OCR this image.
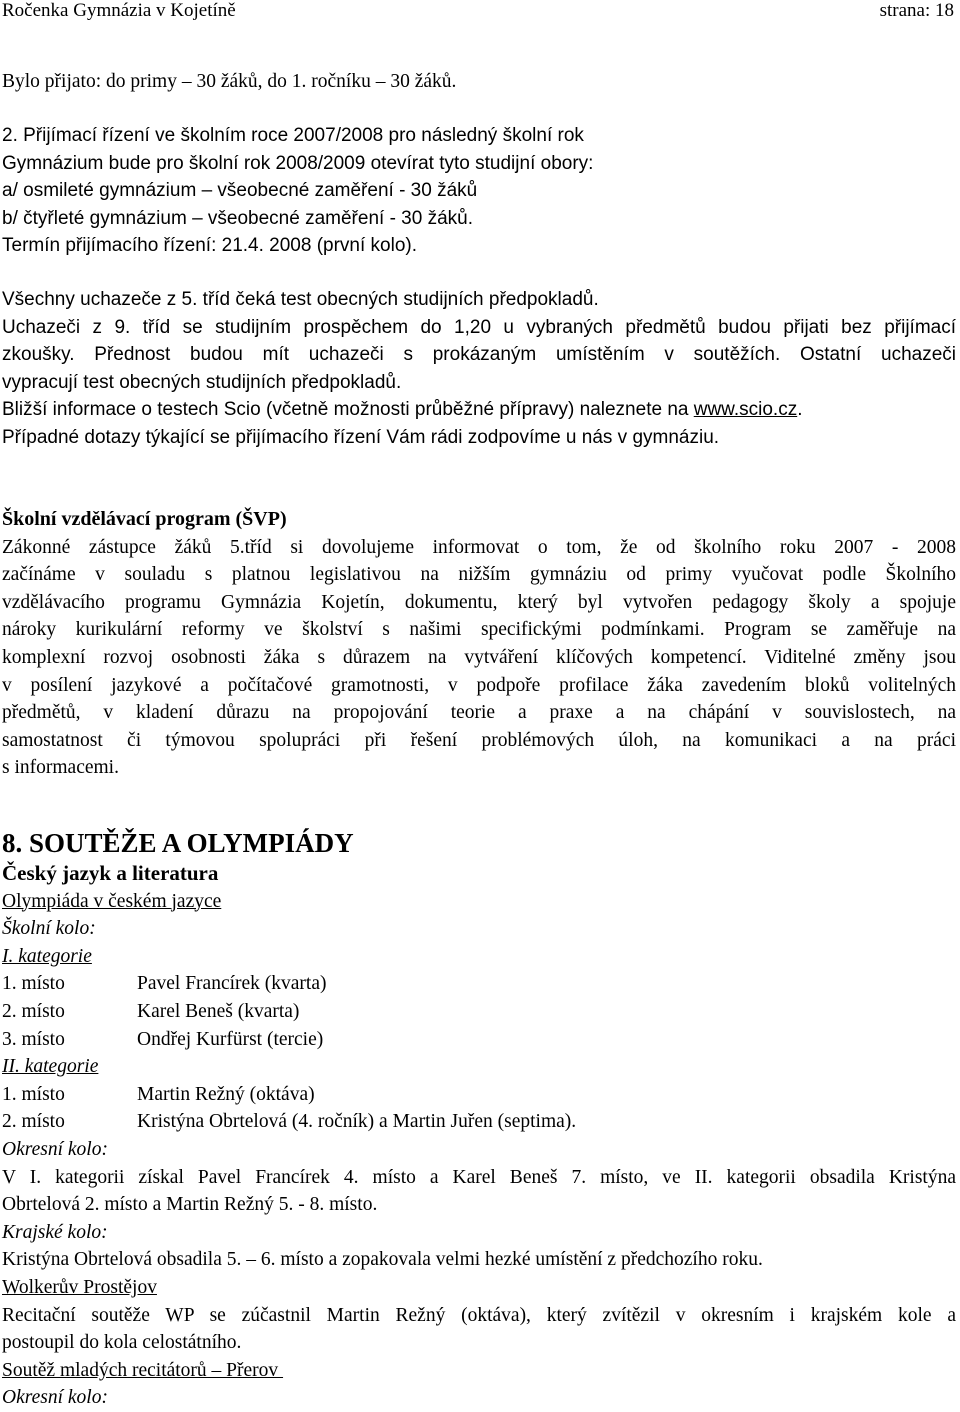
Ročenka Gymnázia v Kojetíně	strana: 18
Bylo přijato: do primy – 30 žáků, do 1. ročníku – 30 žáků.
2. Přijímací řízení ve školním roce 2007/2008 pro následný školní rok
Gymnázium bude pro školní rok 2008/2009 otevírat tyto studijní obory:
a/ osmileté gymnázium – všeobecné zaměření - 30 žáků
b/ čtyřleté gymnázium – všeobecné zaměření - 30 žáků.
Termín přijímacího řízení: 21.4. 2008 (první kolo).
Všechny uchazeče z 5. tříd čeká test obecných studijních předpokladů.
Uchazeči z 9. tříd se studijním prospěchem do 1,20 u vybraných předmětů budou přijati bez přijímací
zkoušky. Přednost budou mít uchazeči s prokázaným umístěním v soutěžích. Ostatní uchazeči
vypracují test obecných studijních předpokladů.
Bližší informace o testech Scio (včetně možnosti průběžné přípravy) naleznete na www.scio.cz.
Případné dotazy týkající se přijímacího řízení Vám rádi zodpovíme u nás v gymnáziu.
Školní vzdělávací program (ŠVP)
Zákonné zástupce žáků 5.tříd si dovolujeme informovat o tom, že od školního roku 2007 - 2008
začínáme v souladu s platnou legislativou na nižším gymnáziu od primy vyučovat podle Školního
vzdělávacího programu Gymnázia Kojetín, dokumentu, který byl vytvořen pedagogy školy a spojuje
nároky kurikulární reformy ve školství s našimi specifickými podmínkami. Program se zaměřuje na
komplexní rozvoj osobnosti žáka s důrazem na vytváření klíčových kompetencí. Viditelné změny jsou
v posílení jazykové a počítačové gramotnosti, v podpoře profilace žáka zavedením bloků volitelných
předmětů, v kladení důrazu na propojování teorie a praxe a na chápání v souvislostech, na
samostatnost či týmovou spolupráci při řešení problémových úloh, na komunikaci a na práci
s informacemi.
8. SOUTĚŽE A OLYMPIÁDY
Český jazyk a literatura
Olympiáda v českém jazyce
Školní kolo:
I. kategorie
1. místo	Pavel Francírek (kvarta)
2. místo	Karel Beneš (kvarta)
3. místo	Ondřej Kurfürst (tercie)
II. kategorie
1. místo	Martin Režný (oktáva)
2. místo	Kristýna Obrtelová (4. ročník) a Martin Juřen (septima).
Okresní kolo:
V I. kategorii získal Pavel Francírek 4. místo a Karel Beneš 7. místo, ve II. kategorii obsadila Kristýna
Obrtelová 2. místo a Martin Režný 5. - 8. místo.
Krajské kolo:
Kristýna Obrtelová obsadila 5. – 6. místo a zopakovala velmi hezké umístění z předchozího roku.
Wolkerův Prostějov
Recitační soutěže WP se zúčastnil Martin Režný (oktáva), který zvítězil v okresním i krajském kole a
postoupil do kola celostátního.
Soutěž mladých recitátorů – Přerov
Okresní kolo:
